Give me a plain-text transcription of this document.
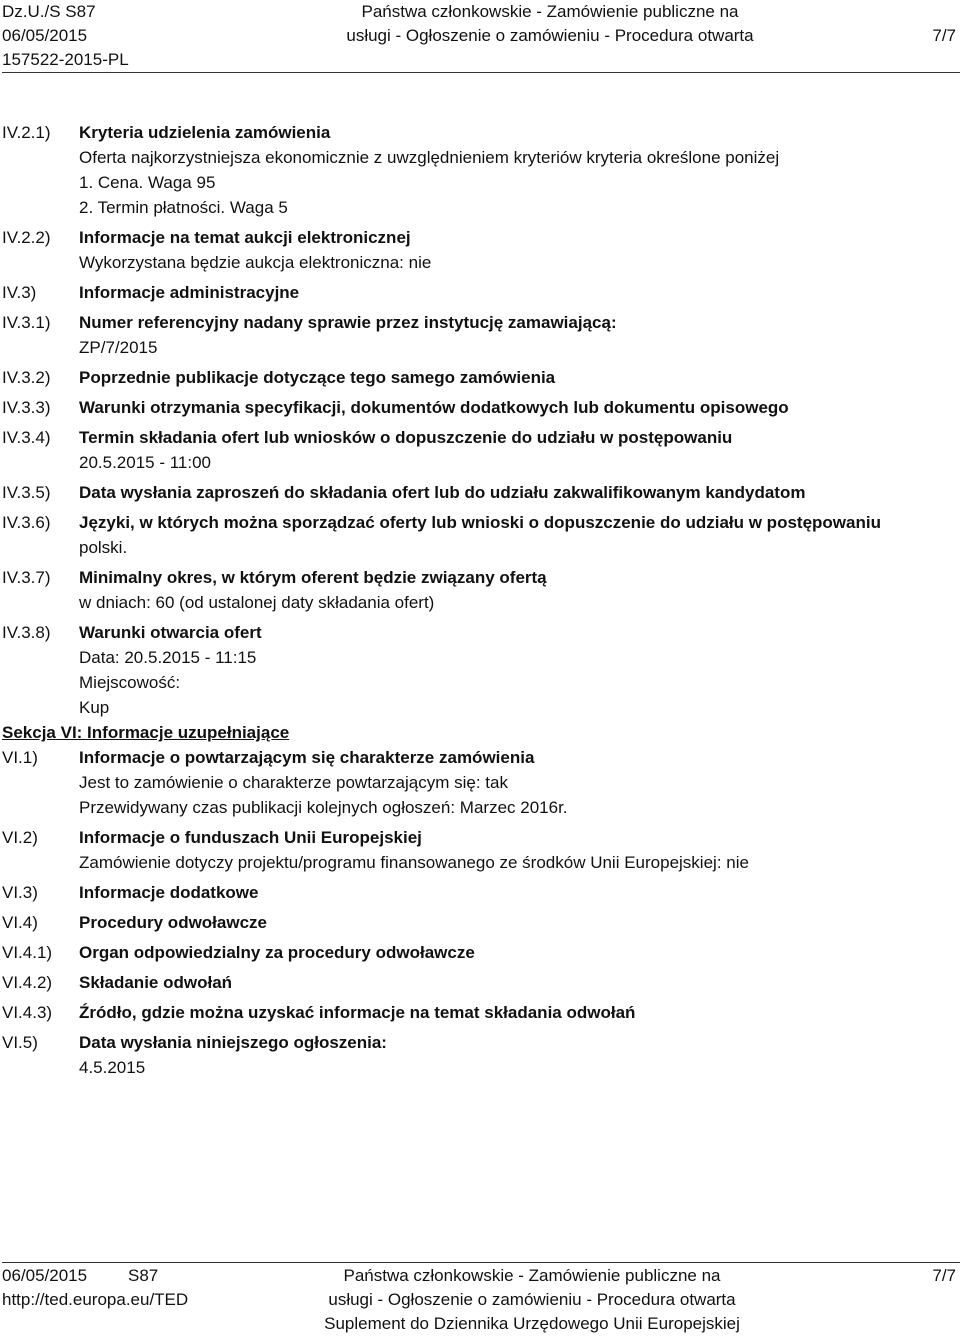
Dz.U./S S87
06/05/2015
157522-2015-PL
Państwa członkowskie - Zamówienie publiczne na
usługi - Ogłoszenie o zamówieniu - Procedura otwarta	7/7
IV.2.1)	Kryteria udzielenia zamówienia
Oferta najkorzystniejsza ekonomicznie z uwzględnieniem kryteriów kryteria określone poniżej
1. Cena. Waga 95
2. Termin płatności. Waga 5
IV.2.2)	Informacje na temat aukcji elektronicznej
Wykorzystana będzie aukcja elektroniczna: nie
IV.3)	Informacje administracyjne
IV.3.1)	Numer referencyjny nadany sprawie przez instytucję zamawiającą:
ZP/7/2015
IV.3.2)	Poprzednie publikacje dotyczące tego samego zamówienia
IV.3.3)	Warunki otrzymania specyfikacji, dokumentów dodatkowych lub dokumentu opisowego
IV.3.4)	Termin składania ofert lub wniosków o dopuszczenie do udziału w postępowaniu
20.5.2015 - 11:00
IV.3.5)	Data wysłania zaproszeń do składania ofert lub do udziału zakwalifikowanym kandydatom
IV.3.6)	Języki, w których można sporządzać oferty lub wnioski o dopuszczenie do udziału w postępowaniu
polski.
IV.3.7)	Minimalny okres, w którym oferent będzie związany ofertą
w dniach: 60 (od ustalonej daty składania ofert)
IV.3.8)	Warunki otwarcia ofert
Data: 20.5.2015 - 11:15
Miejscowość:
Kup
Sekcja VI: Informacje uzupełniające
VI.1)	Informacje o powtarzającym się charakterze zamówienia
Jest to zamówienie o charakterze powtarzającym się: tak
Przewidywany czas publikacji kolejnych ogłoszeń: Marzec 2016r.
VI.2)	Informacje o funduszach Unii Europejskiej
Zamówienie dotyczy projektu/programu finansowanego ze środków Unii Europejskiej: nie
VI.3)	Informacje dodatkowe
VI.4)	Procedury odwoławcze
VI.4.1)	Organ odpowiedzialny za procedury odwoławcze
VI.4.2)	Składanie odwołań
VI.4.3)	Źródło, gdzie można uzyskać informacje na temat składania odwołań
VI.5)	Data wysłania niniejszego ogłoszenia:
4.5.2015
06/05/2015 S87
http://ted.europa.eu/TED
Państwa członkowskie - Zamówienie publiczne na
usługi - Ogłoszenie o zamówieniu - Procedura otwarta
Suplement do Dziennika Urzędowego Unii Europejskiej
7/7
